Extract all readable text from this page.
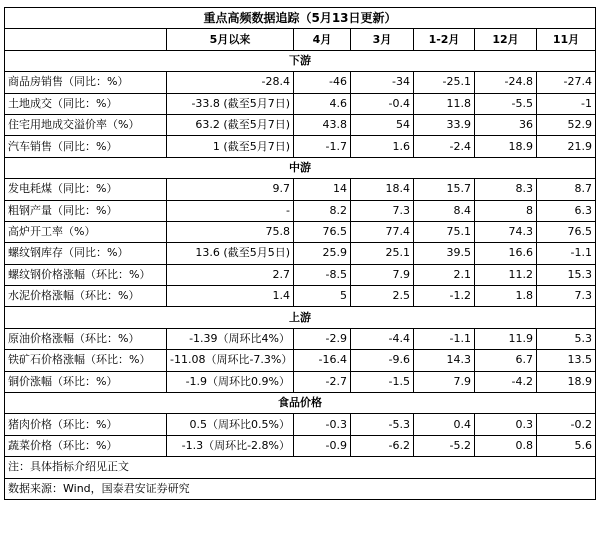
重点高频数据追踪（5月13日更新）						
	5月以来	4月	3月	1-2月	12月	11月
下游						
商品房销售（同比：%）	-28.4	-46	-34	-25.1	-24.8	-27.4
土地成交（同比：%）	-33.8 (截至5月7日)	4.6	-0.4	11.8	-5.5	-1
住宅用地成交溢价率（%）	63.2 (截至5月7日)	43.8	54	33.9	36	52.9
汽车销售（同比：%）	1 (截至5月7日)	-1.7	1.6	-2.4	18.9	21.9
中游						
发电耗煤（同比：%）	9.7	14	18.4	15.7	8.3	8.7
粗钢产量（同比：%）	-	8.2	7.3	8.4	8	6.3
高炉开工率（%）	75.8	76.5	77.4	75.1	74.3	76.5
螺纹钢库存（同比：%）	13.6 (截至5月5日)	25.9	25.1	39.5	16.6	-1.1
螺纹钢价格涨幅（环比：%）	2.7	-8.5	7.9	2.1	11.2	15.3
水泥价格涨幅（环比：%）	1.4	5	2.5	-1.2	1.8	7.3
上游						
原油价格涨幅（环比：%）	-1.39（周环比4%）	-2.9	-4.4	-1.1	11.9	5.3
铁矿石价格涨幅（环比：%）	-11.08（周环比-7.3%）	-16.4	-9.6	14.3	6.7	13.5
铜价涨幅（环比：%）	-1.9（周环比0.9%）	-2.7	-1.5	7.9	-4.2	18.9
食品价格						
猪肉价格（环比：%）	0.5（周环比0.5%）	-0.3	-5.3	0.4	0.3	-0.2
蔬菜价格（环比：%）	-1.3（周环比-2.8%）	-0.9	-6.2	-5.2	0.8	5.6
注：具体指标介绍见正文						
数据来源：Wind，国泰君安证券研究						
